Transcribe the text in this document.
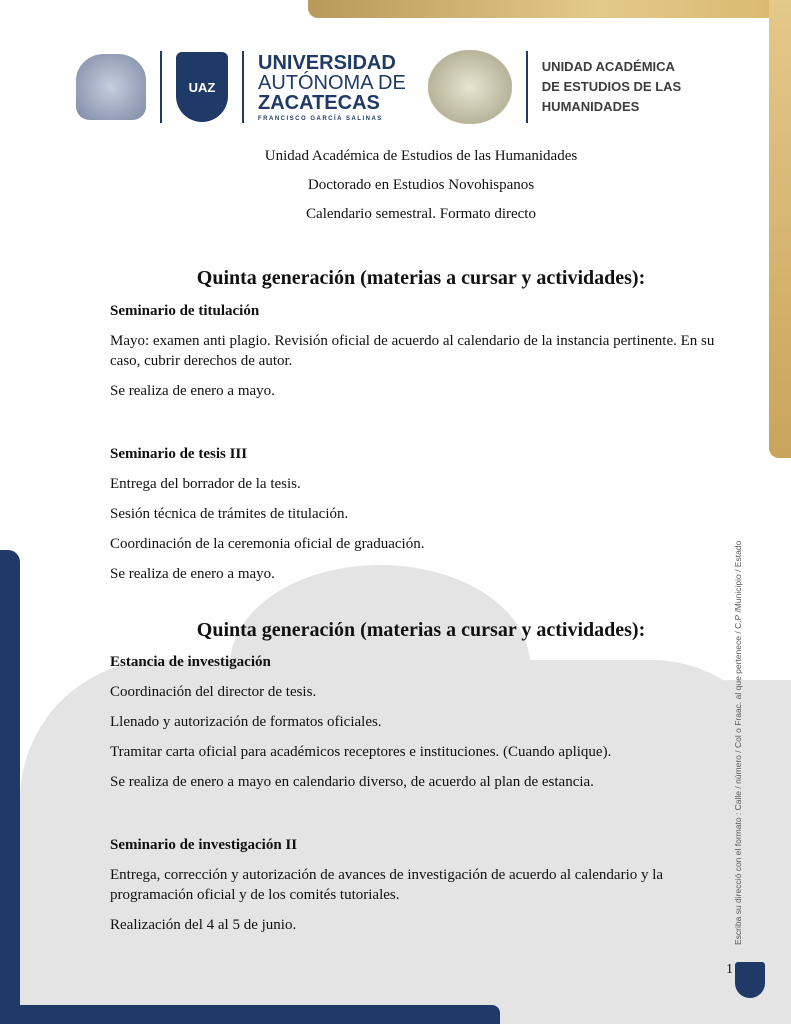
UAZ
UNIVERSIDAD
AUTÓNOMA DE
ZACATECAS
FRANCISCO GARCÍA SALINAS
UNIDAD ACADÉMICA
DE ESTUDIOS DE LAS
HUMANIDADES
Unidad Académica de Estudios de las Humanidades
Doctorado en Estudios Novohispanos
Calendario semestral. Formato directo
Quinta generación (materias a cursar y actividades):

Seminario de titulación

Mayo: examen anti plagio. Revisión oficial de acuerdo al calendario de la instancia pertinente. En su caso, cubrir derechos de autor.

Se realiza de enero a mayo.

Seminario de tesis III

Entrega del borrador de la tesis.

Sesión técnica de trámites de titulación.

Coordinación de la ceremonia oficial de graduación.

Se realiza de enero a mayo.

Quinta generación (materias a cursar y actividades):

Estancia de investigación

Coordinación del director de tesis.

Llenado y autorización de formatos oficiales.

Tramitar carta oficial para académicos receptores e instituciones. (Cuando aplique).

Se realiza de enero a mayo en calendario diverso, de acuerdo al plan de estancia.

Seminario de investigación II

Entrega, corrección y autorización de avances de investigación de acuerdo al calendario y la programación oficial y de los comités tutoriales.

Realización del 4 al 5 de junio.	Escriba su direcció con el formato : Calle / número / Col o Fraac. al que pertenece / C.P /Municipio / Estado
1
